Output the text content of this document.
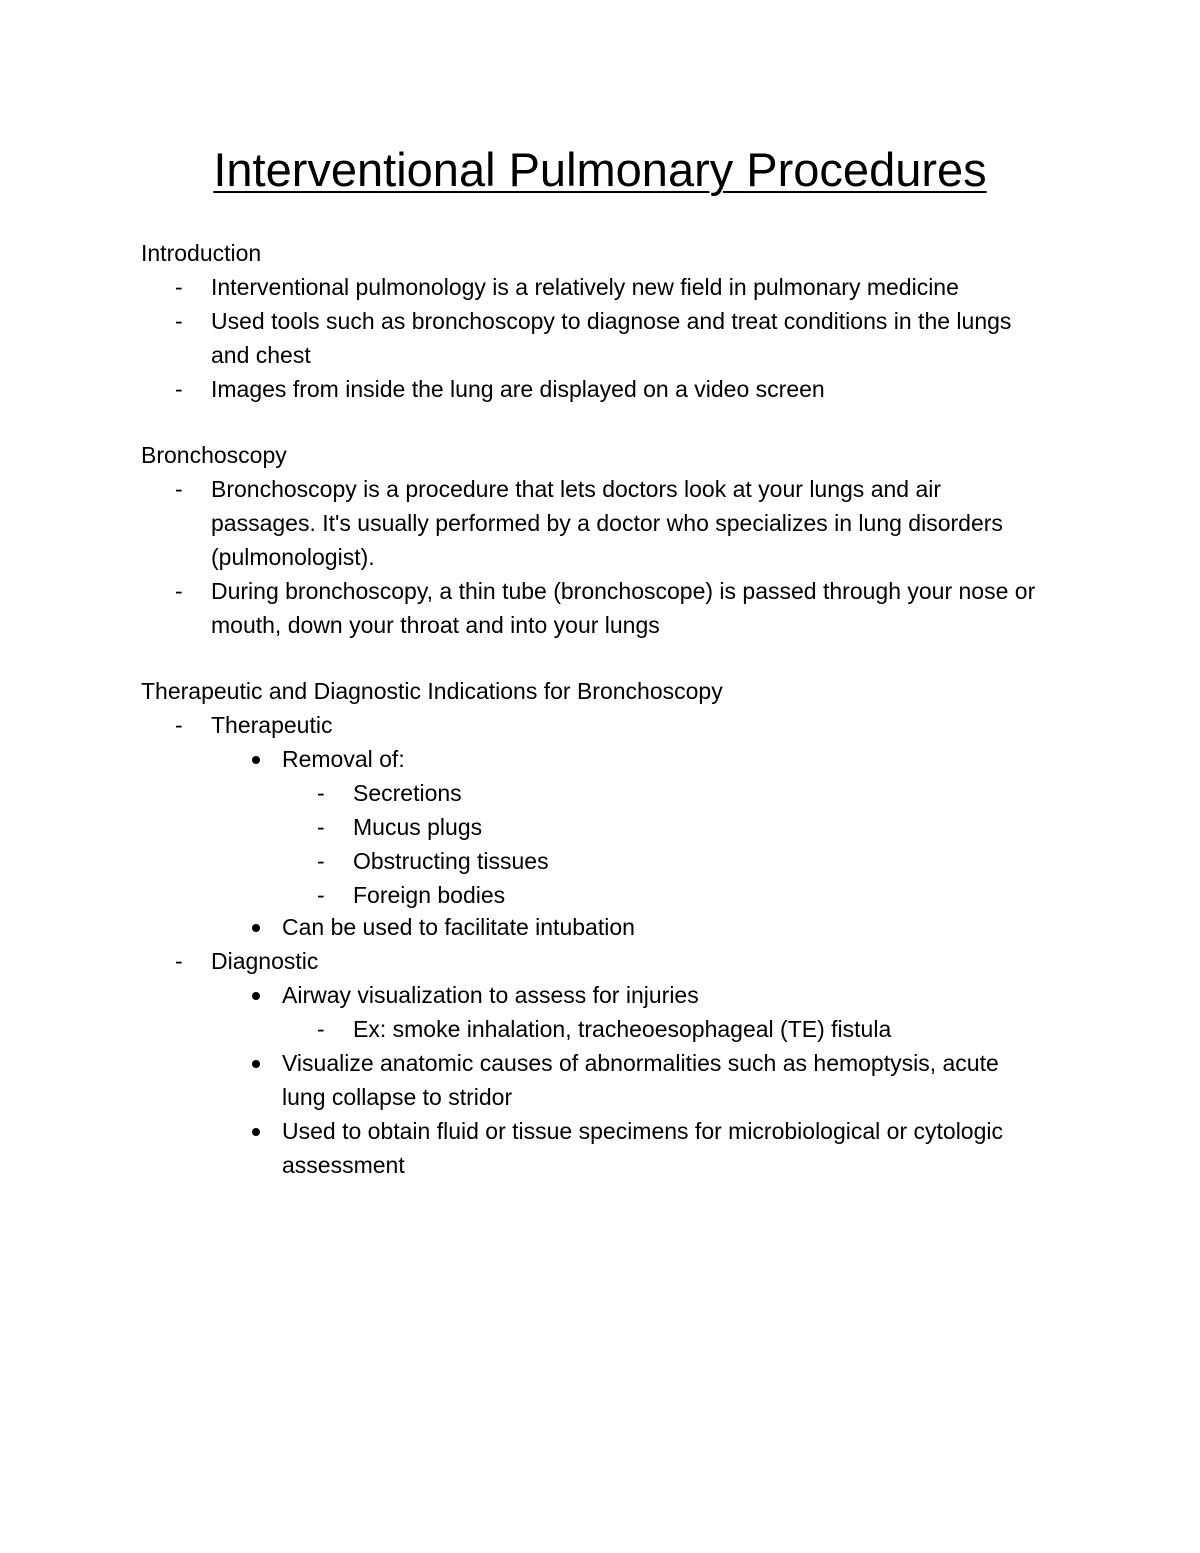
Interventional Pulmonary Procedures
Introduction
-	Interventional pulmonology is a relatively new field in pulmonary medicine
-	Used tools such as bronchoscopy to diagnose and treat conditions in the lungs and chest
-	Images from inside the lung are displayed on a video screen
Bronchoscopy
-	Bronchoscopy is a procedure that lets doctors look at your lungs and air passages. It's usually performed by a doctor who specializes in lung disorders (pulmonologist).
-	During bronchoscopy, a thin tube (bronchoscope) is passed through your nose or mouth, down your throat and into your lungs
Therapeutic and Diagnostic Indications for Bronchoscopy
-	Therapeutic
Removal of:
-	Secretions
-	Mucus plugs
-	Obstructing tissues
-	Foreign bodies
Can be used to facilitate intubation
-	Diagnostic
Airway visualization to assess for injuries
-	Ex: smoke inhalation, tracheoesophageal (TE) fistula
Visualize anatomic causes of abnormalities such as hemoptysis, acute lung collapse to stridor
Used to obtain fluid or tissue specimens for microbiological or cytologic assessment
